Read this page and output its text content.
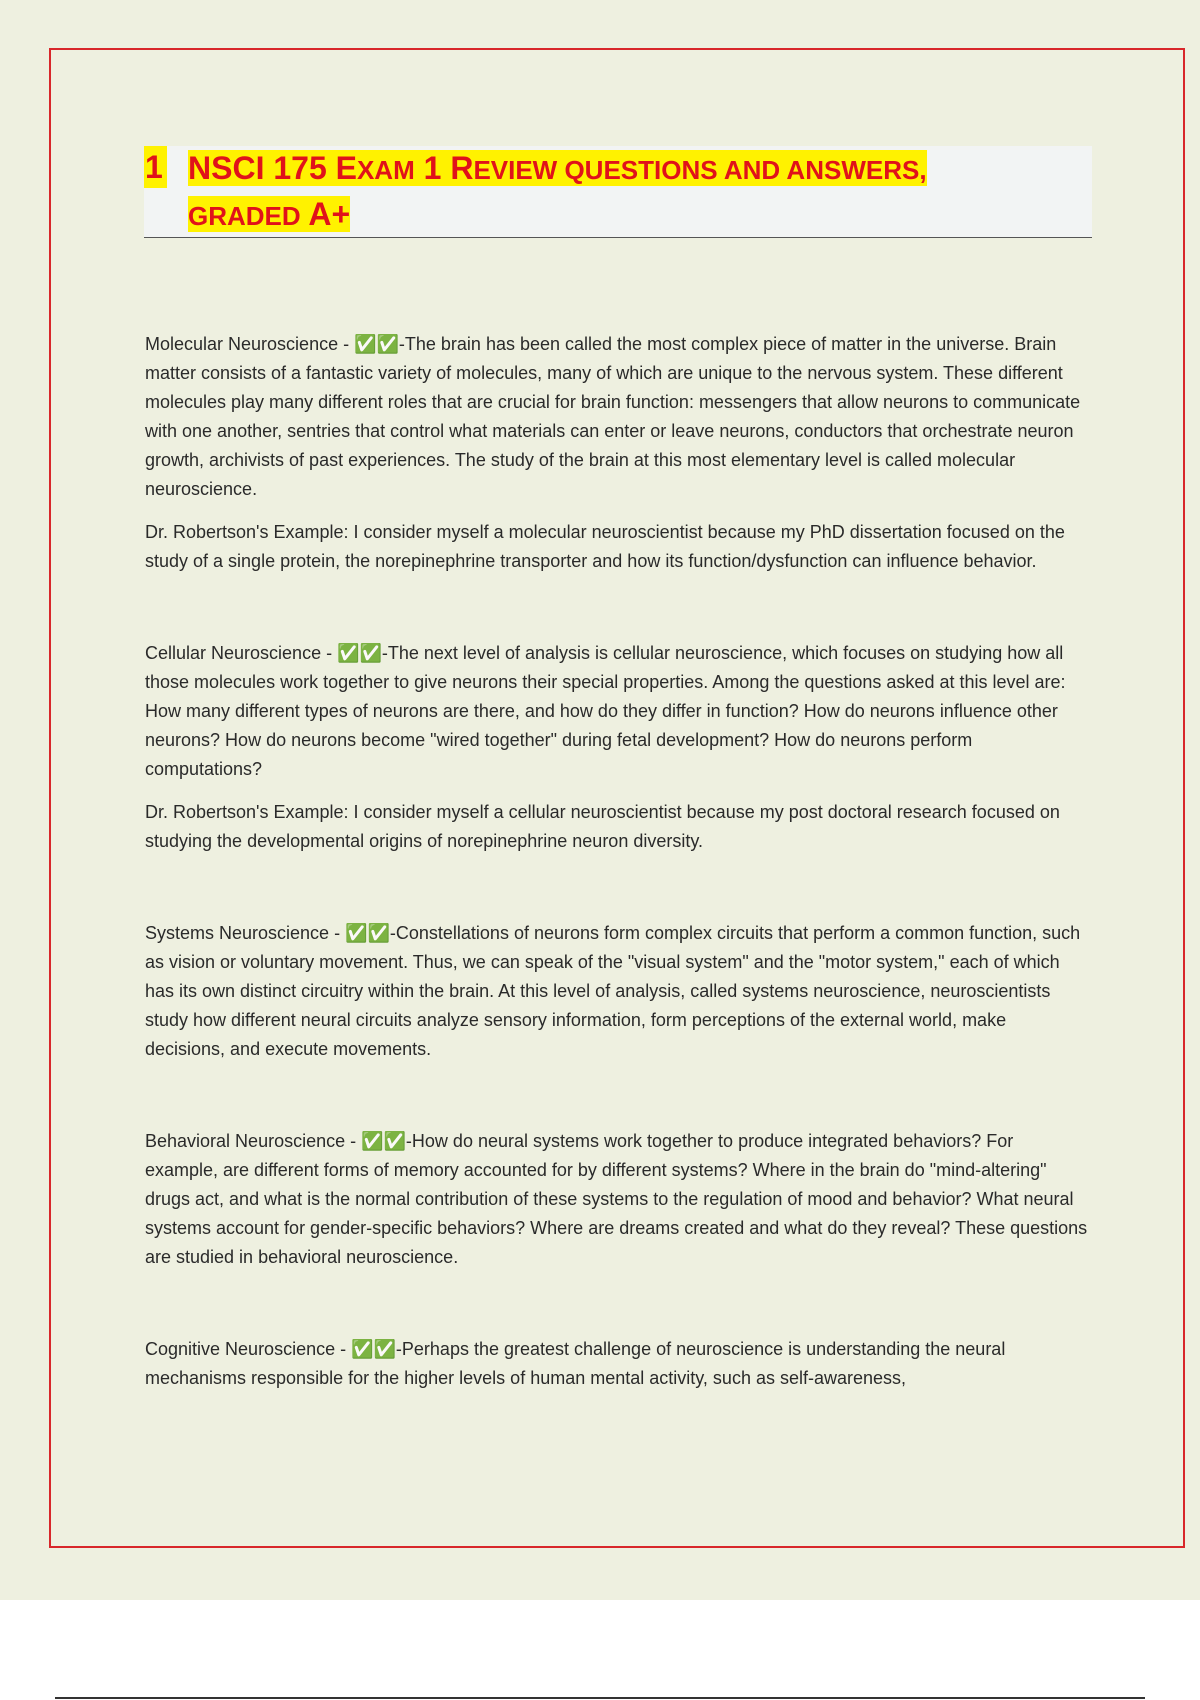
1 NSCI 175 EXAM 1 REVIEW QUESTIONS AND ANSWERS,
GRADED A+

Molecular Neuroscience - ✅✅-The brain has been called the most complex piece of matter in the universe. Brain matter consists of a fantastic variety of molecules, many of which are unique to the nervous system. These different molecules play many different roles that are crucial for brain function: messengers that allow neurons to communicate with one another, sentries that control what materials can enter or leave neurons, conductors that orchestrate neuron growth, archivists of past experiences. The study of the brain at this most elementary level is called molecular neuroscience.

Dr. Robertson's Example: I consider myself a molecular neuroscientist because my PhD dissertation focused on the study of a single protein, the norepinephrine transporter and how its function/dysfunction can influence behavior.

Cellular Neuroscience - ✅✅-The next level of analysis is cellular neuroscience, which focuses on studying how all those molecules work together to give neurons their special properties. Among the questions asked at this level are: How many different types of neurons are there, and how do they differ in function? How do neurons influence other neurons? How do neurons become "wired together" during fetal development? How do neurons perform computations?

Dr. Robertson's Example: I consider myself a cellular neuroscientist because my post doctoral research focused on studying the developmental origins of norepinephrine neuron diversity.

Systems Neuroscience - ✅✅-Constellations of neurons form complex circuits that perform a common function, such as vision or voluntary movement. Thus, we can speak of the "visual system" and the "motor system," each of which has its own distinct circuitry within the brain. At this level of analysis, called systems neuroscience, neuroscientists study how different neural circuits analyze sensory information, form perceptions of the external world, make decisions, and execute movements.

Behavioral Neuroscience - ✅✅-How do neural systems work together to produce integrated behaviors? For example, are different forms of memory accounted for by different systems? Where in the brain do "mind-altering" drugs act, and what is the normal contribution of these systems to the regulation of mood and behavior? What neural systems account for gender-specific behaviors? Where are dreams created and what do they reveal? These questions are studied in behavioral neuroscience.

Cognitive Neuroscience - ✅✅-Perhaps the greatest challenge of neuroscience is understanding the neural mechanisms responsible for the higher levels of human mental activity, such as self-awareness,
